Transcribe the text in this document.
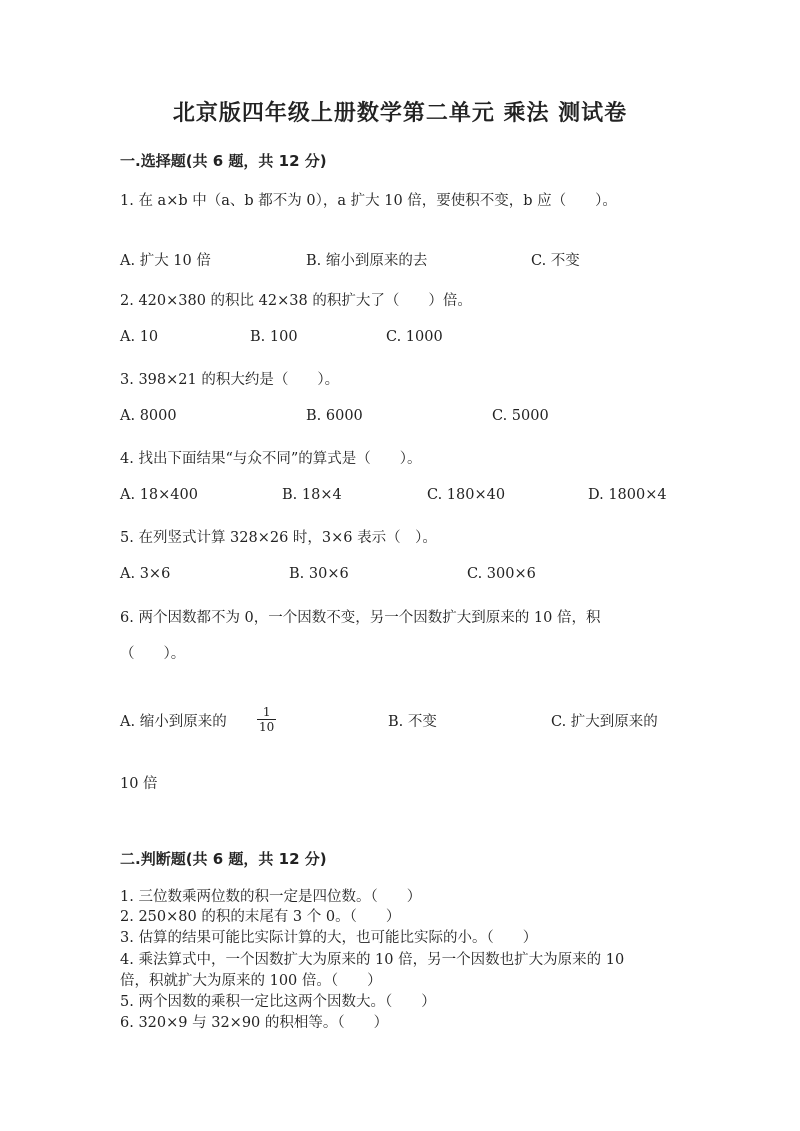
北京版四年级上册数学第二单元 乘法 测试卷
一.选择题(共 6 题，共 12 分)
1. 在 a×b 中（a、b 都不为 0），a 扩大 10 倍，要使积不变，b 应（　　）。
A. 扩大 10 倍	B. 缩小到原来的去	C. 不变
2. 420×380 的积比 42×38 的积扩大了（　　）倍。
A. 10	B. 100	C. 1000
3. 398×21 的积大约是（　　）。
A. 8000	B. 6000	C. 5000
4. 找出下面结果“与众不同”的算式是（　　）。
A. 18×400	B. 18×4	C. 180×40	D. 1800×4
5. 在列竖式计算 328×26 时，3×6 表示（　）。
A. 3×6	B. 30×6	C. 300×6
6. 两个因数都不为 0，一个因数不变，另一个因数扩大到原来的 10 倍，积
（　　）。
A. 缩小到原来的	$\frac{1}{10}$	B. 不变	C. 扩大到原来的
10 倍
二.判断题(共 6 题，共 12 分)
1. 三位数乘两位数的积一定是四位数。（　　）
2. 250×80 的积的末尾有 3 个 0。（　　）
3. 估算的结果可能比实际计算的大，也可能比实际的小。（　　）
4. 乘法算式中，一个因数扩大为原来的 10 倍，另一个因数也扩大为原来的 10
倍，积就扩大为原来的 100 倍。（　　）
5. 两个因数的乘积一定比这两个因数大。（　　）
6. 320×9 与 32×90 的积相等。（　　）
